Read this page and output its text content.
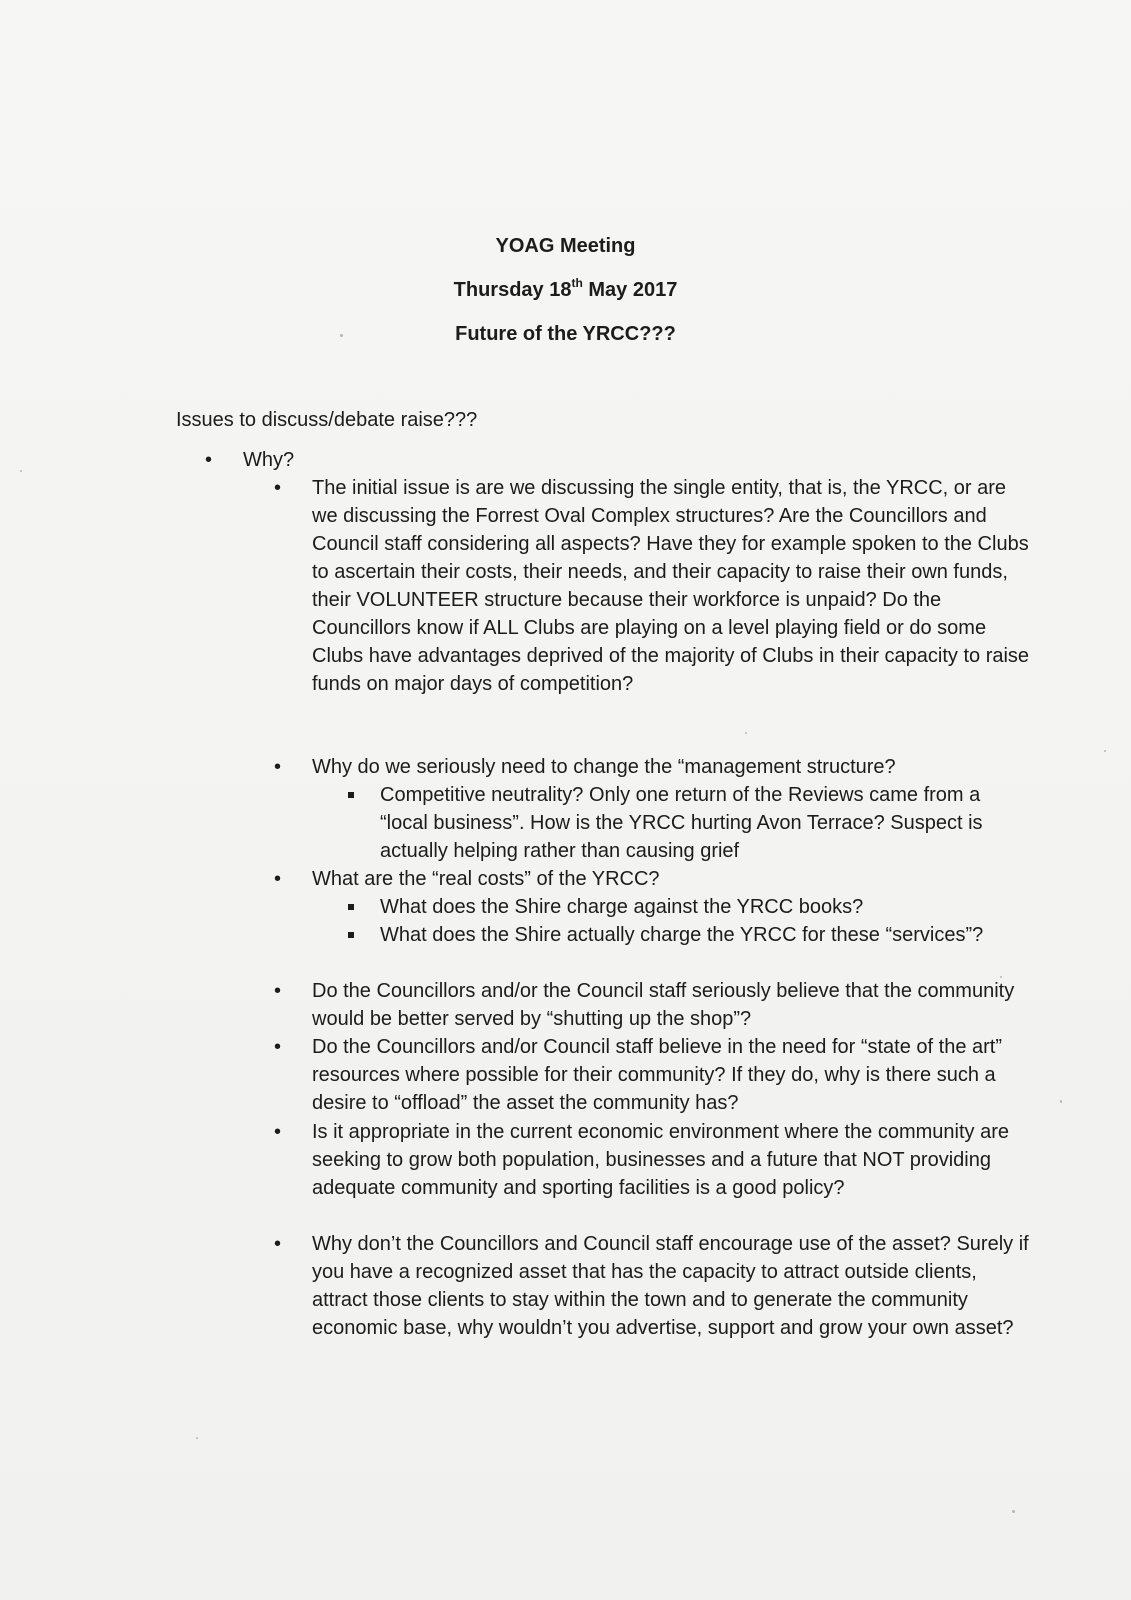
YOAG Meeting
Thursday 18th May 2017
Future of the YRCC???
Issues to discuss/debate raise???
• Why?
• The initial issue is are we discussing the single entity, that is, the YRCC, or are we discussing the Forrest Oval Complex structures? Are the Councillors and Council staff considering all aspects? Have they for example spoken to the Clubs to ascertain their costs, their needs, and their capacity to raise their own funds, their VOLUNTEER structure because their workforce is unpaid? Do the Councillors know if ALL Clubs are playing on a level playing field or do some Clubs have advantages deprived of the majority of Clubs in their capacity to raise funds on major days of competition?
• Why do we seriously need to change the “management structure?
Competitive neutrality? Only one return of the Reviews came from a “local business”. How is the YRCC hurting Avon Terrace? Suspect is actually helping rather than causing grief
• What are the “real costs” of the YRCC?
What does the Shire charge against the YRCC books?
What does the Shire actually charge the YRCC for these “services”?
• Do the Councillors and/or the Council staff seriously believe that the community would be better served by “shutting up the shop”?
• Do the Councillors and/or Council staff believe in the need for “state of the art” resources where possible for their community? If they do, why is there such a desire to “offload” the asset the community has?
• Is it appropriate in the current economic environment where the community are seeking to grow both population, businesses and a future that NOT providing adequate community and sporting facilities is a good policy?
• Why don’t the Councillors and Council staff encourage use of the asset? Surely if you have a recognized asset that has the capacity to attract outside clients, attract those clients to stay within the town and to generate the community economic base, why wouldn’t you advertise, support and grow your own asset?
